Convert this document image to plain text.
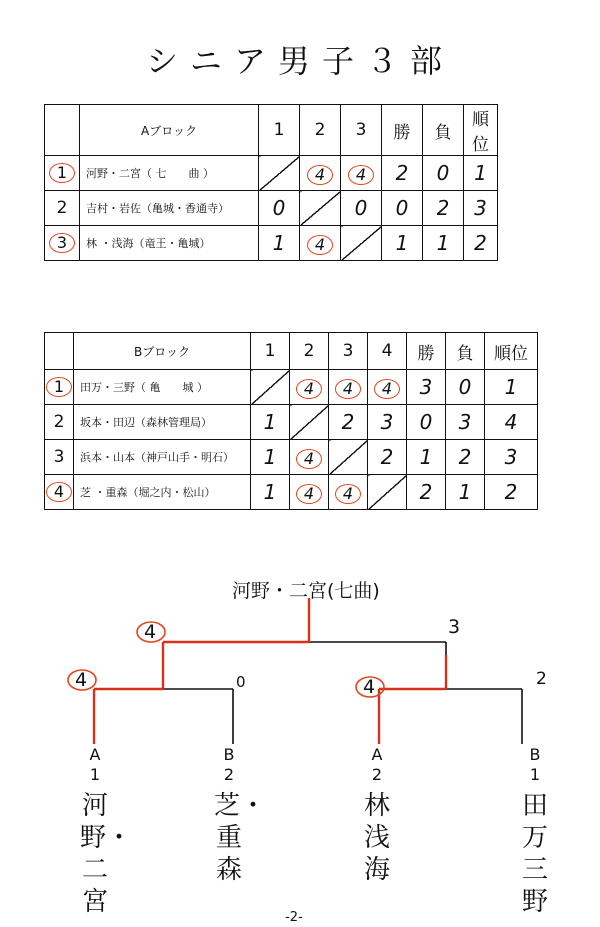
シニア男子３部
	Aブロック	1	2	3	勝	負	順位
1	河野・二宮（ 七　　曲 ）		4	4	2	0	1
2	吉村・岩佐（亀城・香通寺）	0		0	0	2	3
3	林 ・浅海（竜王・亀城）	1	4		1	1	2
	Bブロック	1	2	3	4	勝	負	順位
1	田万・三野（ 亀　　城 ）		4	4	4	3	0	1
2	坂本・田辺（森林管理局）	1		2	3	0	3	4
3	浜本・山本（神戸山手・明石）	1	4		2	1	2	3
4	芝 ・重森（堀之内・松山）	1	4	4		2	1	2
河野・二宮(七曲)
4	3
4	0	4	2
A
1
河野・二宮
B
2
芝・重森
A
2
林浅海
B
1
田万三野
-2-
